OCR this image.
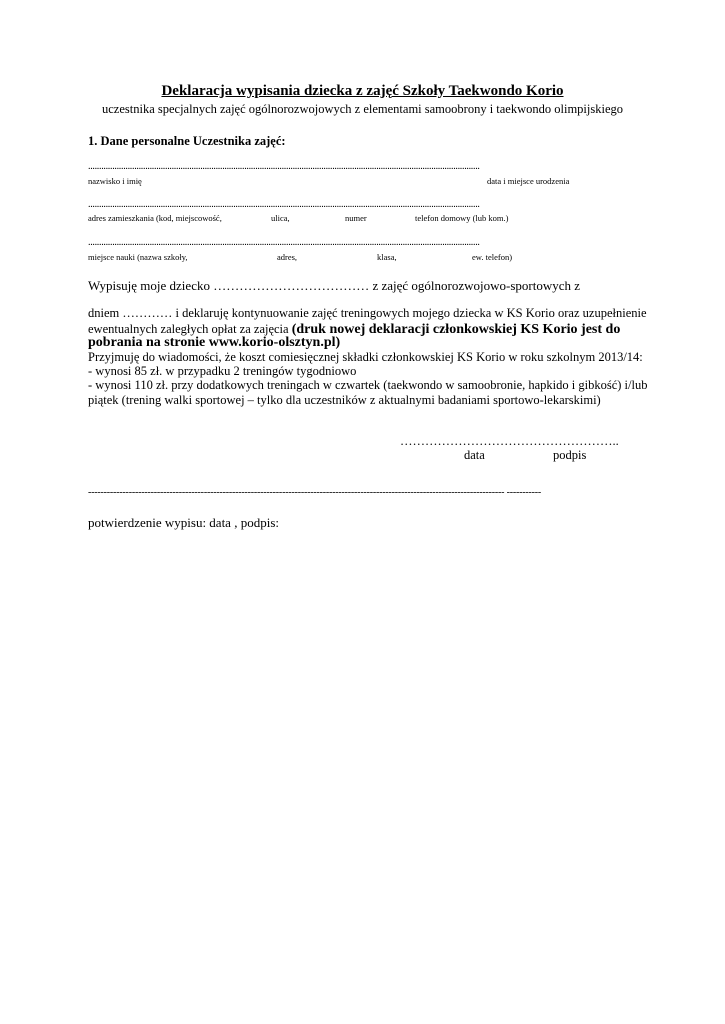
Deklaracja wypisania dziecka z zajęć Szkoły Taekwondo Korio
uczestnika specjalnych zajęć ogólnorozwojowych z elementami samoobrony i taekwondo olimpijskiego
1. Dane personalne Uczestnika zajęć:
..................................................................................................................................................................................
nazwisko i imię	data i miejsce urodzenia
..................................................................................................................................................................................
adres zamieszkania (kod, miejscowość,	ulica,	numer	telefon domowy (lub kom.)
..................................................................................................................................................................................
miejsce nauki (nazwa szkoły,	adres,	klasa,	ew. telefon)
Wypisuję moje dziecko ……………………………… z zajęć ogólnorozwojowo-sportowych z
dniem ………… i deklaruję kontynuowanie zajęć treningowych mojego dziecka w KS Korio oraz uzupełnienie
ewentualnych zaległych opłat za zajęcia (druk nowej deklaracji członkowskiej KS Korio jest do
pobrania na stronie www.korio-olsztyn.pl)
Przyjmuję do wiadomości, że koszt comiesięcznej składki członkowskiej KS Korio w roku szkolnym 2013/14:
- wynosi 85 zł. w przypadku 2 treningów tygodniowo
- wynosi 110 zł. przy dodatkowych treningach w czwartek (taekwondo w samoobronie, hapkido i gibkość) i/lub
piątek (trening walki sportowej – tylko dla uczestników z aktualnymi badaniami sportowo-lekarskimi)
……………………………………………..
data	podpis
------------------------------------------------------------------------------------------------------------------------------------- -----------
potwierdzenie wypisu: data , podpis:
